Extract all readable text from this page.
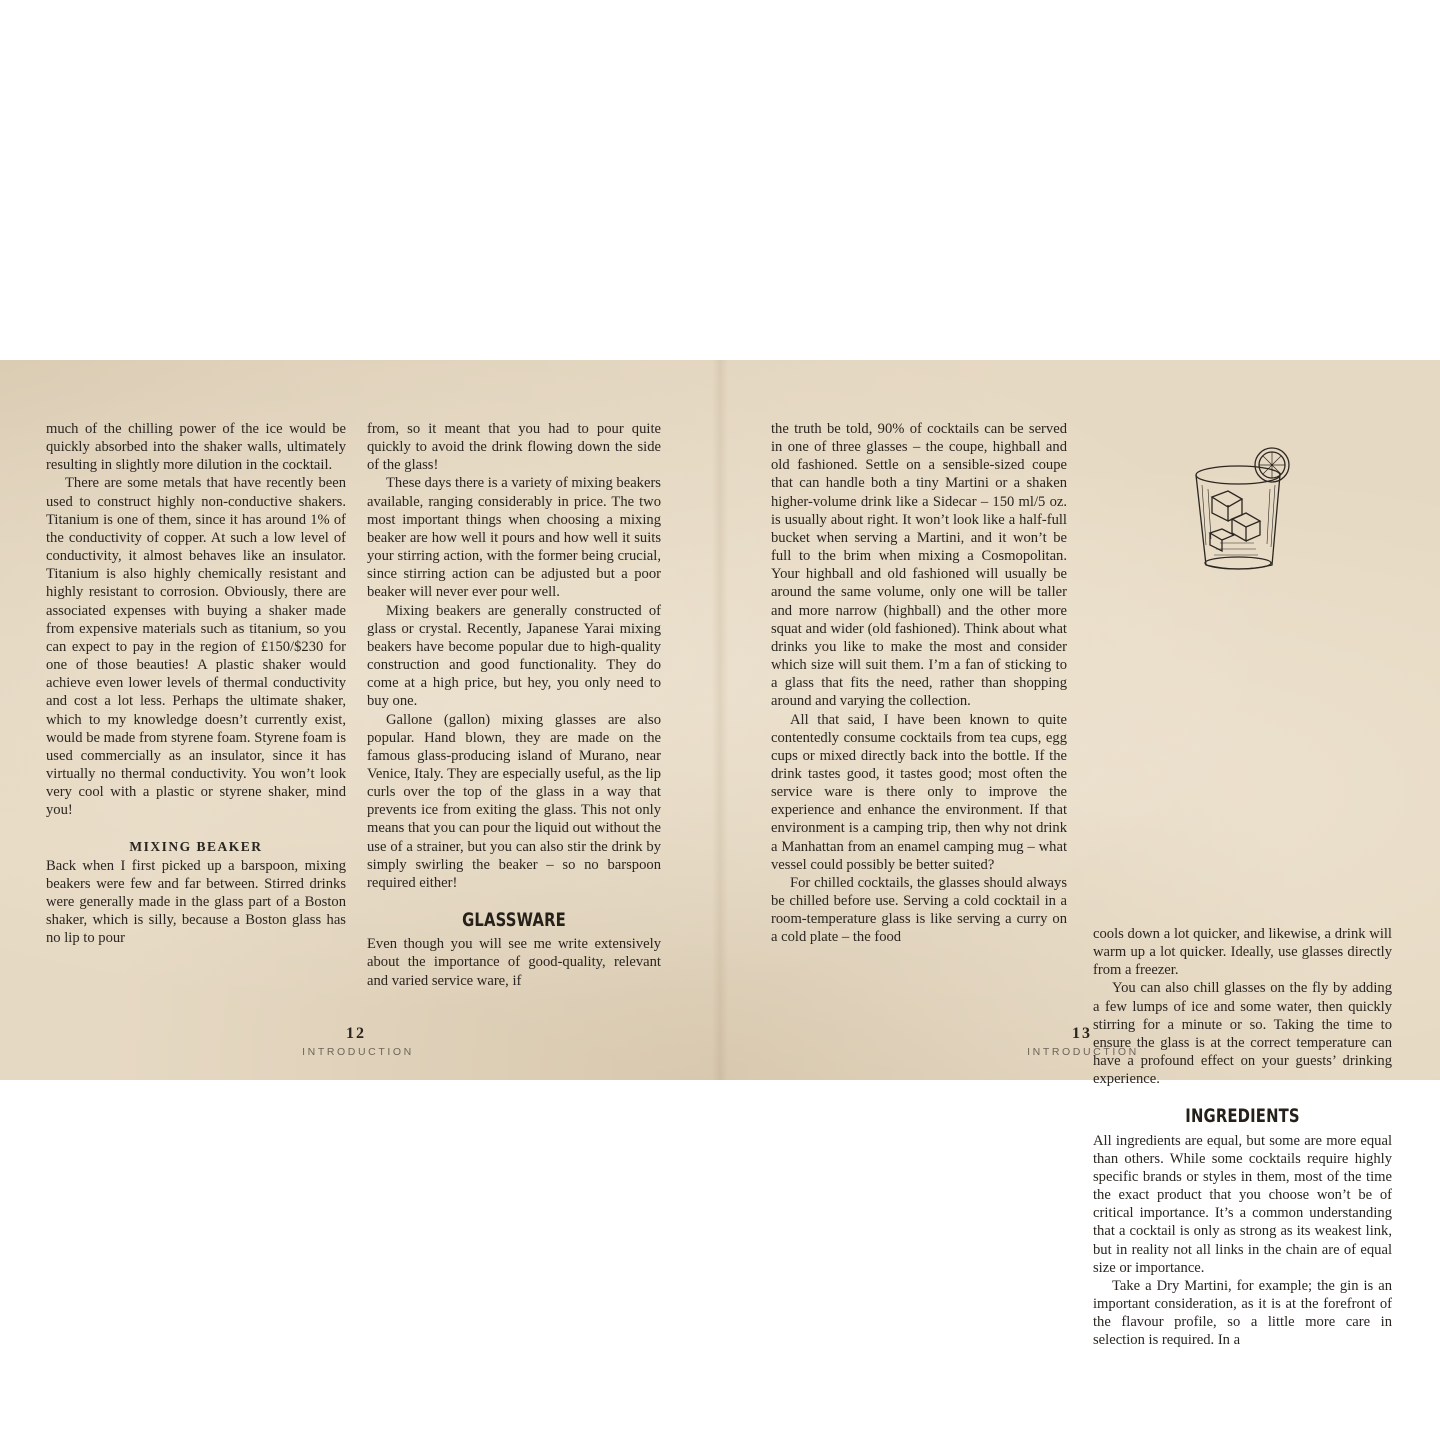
much of the chilling power of the ice would be quickly absorbed into the shaker walls, ultimately resulting in slightly more dilution in the cocktail.

There are some metals that have recently been used to construct highly non-conductive shakers. Titanium is one of them, since it has around 1% of the conductivity of copper. At such a low level of conductivity, it almost behaves like an insulator. Titanium is also highly chemically resistant and highly resistant to corrosion. Obviously, there are associated expenses with buying a shaker made from expensive materials such as titanium, so you can expect to pay in the region of £150/$230 for one of those beauties! A plastic shaker would achieve even lower levels of thermal conductivity and cost a lot less. Perhaps the ultimate shaker, which to my knowledge doesn’t currently exist, would be made from styrene foam. Styrene foam is used commercially as an insulator, since it has virtually no thermal conductivity. You won’t look very cool with a plastic or styrene shaker, mind you!

MIXING BEAKER

Back when I first picked up a barspoon, mixing beakers were few and far between. Stirred drinks were generally made in the glass part of a Boston shaker, which is silly, because a Boston glass has no lip to pour

from, so it meant that you had to pour quite quickly to avoid the drink flowing down the side of the glass!

These days there is a variety of mixing beakers available, ranging considerably in price. The two most important things when choosing a mixing beaker are how well it pours and how well it suits your stirring action, with the former being crucial, since stirring action can be adjusted but a poor beaker will never ever pour well.

Mixing beakers are generally constructed of glass or crystal. Recently, Japanese Yarai mixing beakers have become popular due to high-quality construction and good functionality. They do come at a high price, but hey, you only need to buy one.

Gallone (gallon) mixing glasses are also popular. Hand blown, they are made on the famous glass-producing island of Murano, near Venice, Italy. They are especially useful, as the lip curls over the top of the glass in a way that prevents ice from exiting the glass. This not only means that you can pour the liquid out without the use of a strainer, but you can also stir the drink by simply swirling the beaker – so no barspoon required either!

GLASSWARE

Even though you will see me write extensively about the importance of good-quality, relevant and varied service ware, if

12
INTRODUCTION

the truth be told, 90% of cocktails can be served in one of three glasses – the coupe, highball and old fashioned. Settle on a sensible-sized coupe that can handle both a tiny Martini or a shaken higher-volume drink like a Sidecar – 150 ml/5 oz. is usually about right. It won’t look like a half-full bucket when serving a Martini, and it won’t be full to the brim when mixing a Cosmopolitan. Your highball and old fashioned will usually be around the same volume, only one will be taller and more narrow (highball) and the other more squat and wider (old fashioned). Think about what drinks you like to make the most and consider which size will suit them. I’m a fan of sticking to a glass that fits the need, rather than shopping around and varying the collection.

All that said, I have been known to quite contentedly consume cocktails from tea cups, egg cups or mixed directly back into the bottle. If the drink tastes good, it tastes good; most often the service ware is there only to improve the experience and enhance the environment. If that environment is a camping trip, then why not drink a Manhattan from an enamel camping mug – what vessel could possibly be better suited?

For chilled cocktails, the glasses should always be chilled before use. Serving a cold cocktail in a room-temperature glass is like serving a curry on a cold plate – the food	cools down a lot quicker, and likewise, a drink will warm up a lot quicker. Ideally, use glasses directly from a freezer.

You can also chill glasses on the fly by adding a few lumps of ice and some water, then quickly stirring for a minute or so. Taking the time to ensure the glass is at the correct temperature can have a profound effect on your guests’ drinking experience.

INGREDIENTS

All ingredients are equal, but some are more equal than others. While some cocktails require highly specific brands or styles in them, most of the time the exact product that you choose won’t be of critical importance. It’s a common understanding that a cocktail is only as strong as its weakest link, but in reality not all links in the chain are of equal size or importance.

Take a Dry Martini, for example; the gin is an important consideration, as it is at the forefront of the flavour profile, so a little more care in selection is required. In a

13
INTRODUCTION
